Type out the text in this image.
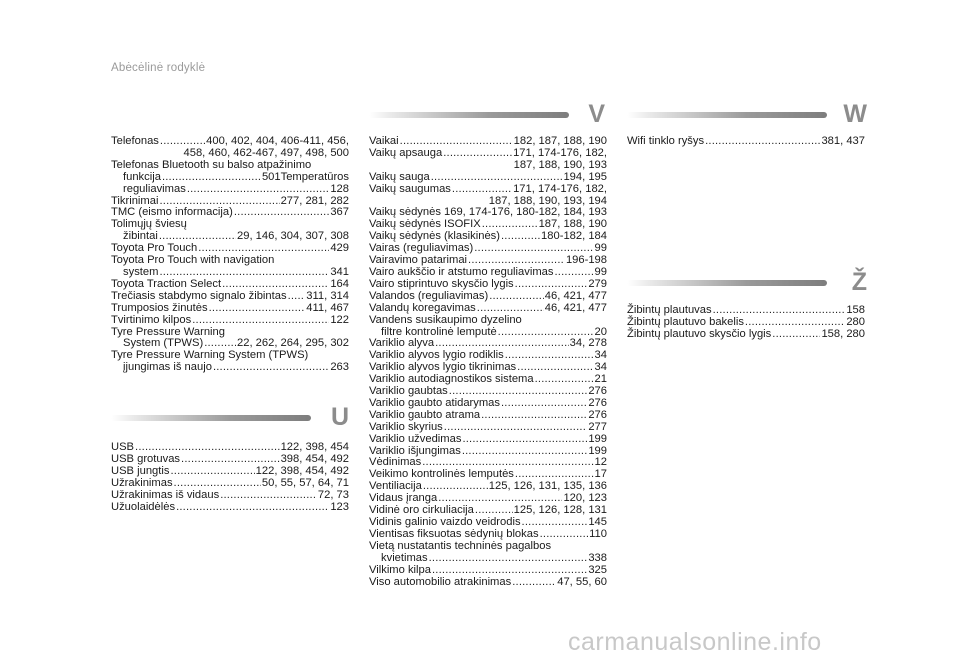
Abėcėlinė rodyklė
Telefonas .....	400, 402, 404, 406-411, 456,
458, 460, 462-467, 497, 498, 500
Telefonas Bluetooth su balso atpažinimo
funkcija .....	501Temperatūros
reguliavimas .....	128
Tikrinimai .....	277, 281, 282
TMC (eismo informacija) .....	367
Tolimųjų šviesų
žibintai .....	29, 146, 304, 307, 308
Toyota Pro Touch .....	429
Toyota Pro Touch with navigation
system .....	341
Toyota Traction Select .....	164
Trečiasis stabdymo signalo žibintas ..... 311, 314
Trumposios žinutės .....	411, 467
Tvirtinimo kilpos .....	122
Tyre Pressure Warning
System (TPWS) .....	22, 262, 264, 295, 302
Tyre Pressure Warning System (TPWS)
įjungimas iš naujo .....	263
U
USB .....	122, 398, 454
USB grotuvas .....	398, 454, 492
USB jungtis .....	122, 398, 454, 492
Užrakinimas .....	50, 55, 57, 64, 71
Užrakinimas iš vidaus .....	72, 73
Užuolaidėlės .....	123
V
Vaikai .....	182, 187, 188, 190
Vaikų apsauga .....	171, 174-176, 182,
187, 188, 190, 193
Vaikų sauga .....	194, 195
Vaikų saugumas .....	171, 174-176, 182,
187, 188, 190, 193, 194
Vaikų sėdynės 169, 174-176, 180-182, 184, 193
Vaikų sėdynės ISOFIX .....	187, 188, 190
Vaikų sėdynės (klasikinės) .....	180-182, 184
Vairas (reguliavimas) .....	99
Vairavimo patarimai .....	196-198
Vairo aukščio ir atstumo reguliavimas .....	99
Vairo stiprintuvo skysčio lygis .....	279
Valandos (reguliavimas) .....	46, 421, 477
Valandų koregavimas .....	46, 421, 477
Vandens susikaupimo dyzelino
filtre kontrolinė lemputė .....	20
Variklio alyva .....	34, 278
Variklio alyvos lygio rodiklis .....	34
Variklio alyvos lygio tikrinimas .....	34
Variklio autodiagnostikos sistema .....	21
Variklio gaubtas .....	276
Variklio gaubto atidarymas .....	276
Variklio gaubto atrama .....	276
Variklio skyrius .....	277
Variklio užvedimas .....	199
Variklio išjungimas .....	199
Vėdinimas .....	12
Veikimo kontrolinės lemputės .....	17
Ventiliacija .....	125, 126, 131, 135, 136
Vidaus įranga .....	120, 123
Vidinė oro cirkuliacija .....	125, 126, 128, 131
Vidinis galinio vaizdo veidrodis .....	145
Vientisas fiksuotas sėdynių blokas .....	110
Vietą nustatantis techninės pagalbos
kvietimas .....	338
Vilkimo kilpa .....	325
Viso automobilio atrakinimas .....	47, 55, 60
W
Wifi tinklo ryšys .....	381, 437
Ž
Žibintų plautuvas .....	158
Žibintų plautuvo bakelis .....	280
Žibintų plautuvo skysčio lygis .....	158, 280
carmanualsonline.info
